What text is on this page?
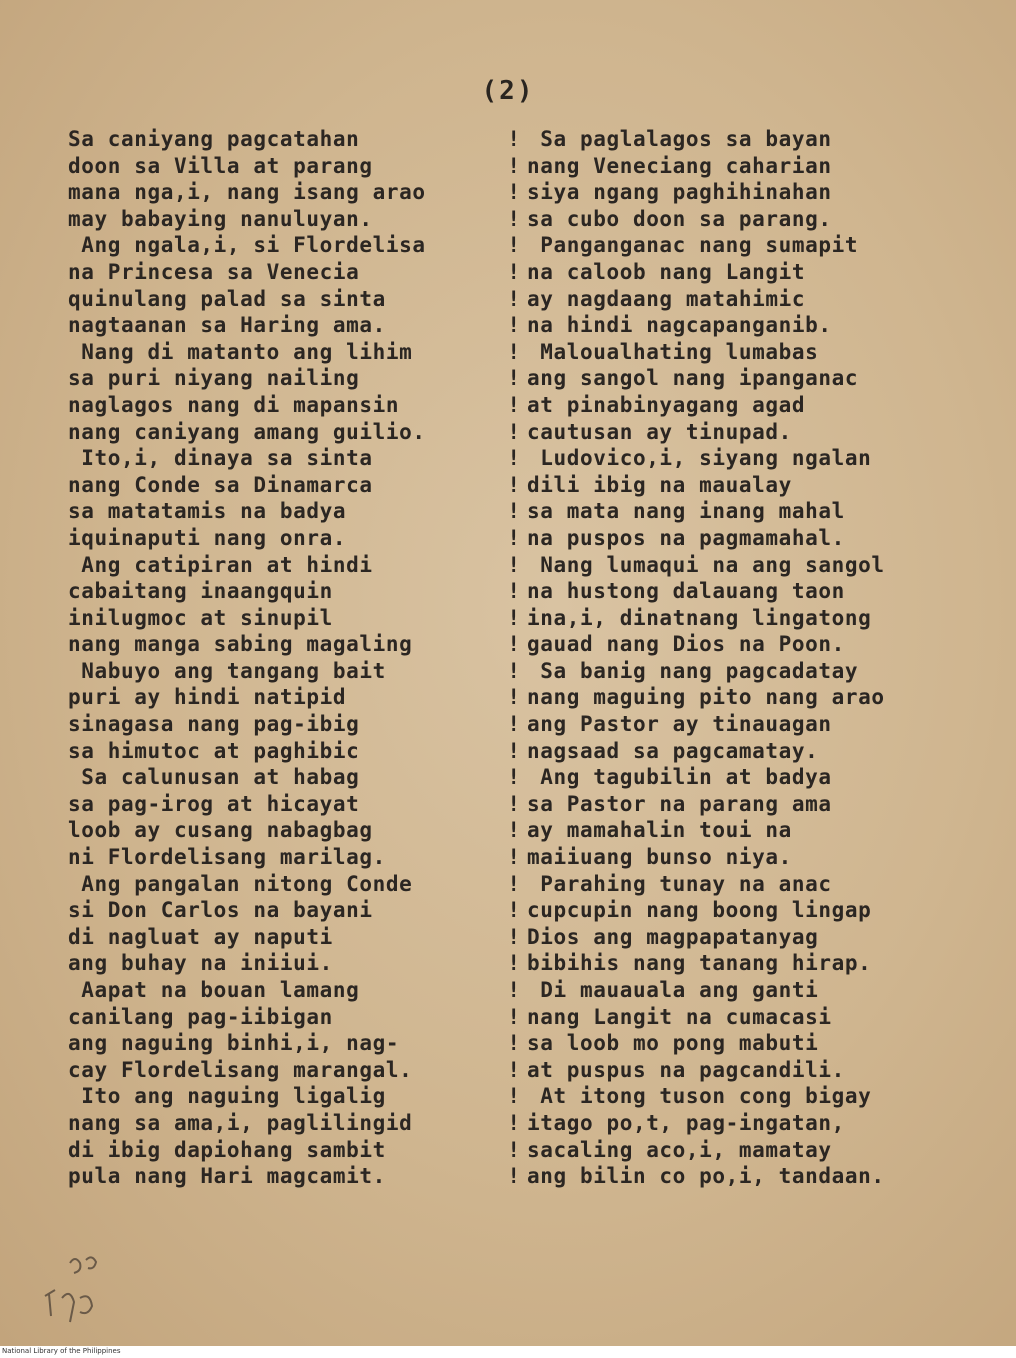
(2)
Sa caniyang pagcatahan
doon sa Villa at parang
mana nga,i, nang isang arao
may babaying nanuluyan.
Ang ngala,i, si Flordelisa
na Princesa sa Venecia
quinulang palad sa sinta
nagtaanan sa Haring ama.
Nang di matanto ang lihim
sa puri niyang nailing
naglagos nang di mapansin
nang caniyang amang guilio.
Ito,i, dinaya sa sinta
nang Conde sa Dinamarca
sa matatamis na badya
iquinaputi nang onra.
Ang catipiran at hindi
cabaitang inaangquin
inilugmoc at sinupil
nang manga sabing magaling
Nabuyo ang tangang bait
puri ay hindi natipid
sinagasa nang pag-ibig
sa himutoc at paghibic
Sa calunusan at habag
sa pag-irog at hicayat
loob ay cusang nabagbag
ni Flordelisang marilag.
Ang pangalan nitong Conde
si Don Carlos na bayani
di nagluat ay naputi
ang buhay na iniiui.
Aapat na bouan lamang
canilang pag-iibigan
ang naguing binhi,i, nag-
cay Flordelisang marangal.
Ito ang naguing ligalig
nang sa ama,i, paglilingid
di ibig dapiohang sambit
pula nang Hari magcamit.
!
!
!
!
!
!
!
!
!
!
!
!
!
!
!
!
!
!
!
!
!
!
!
!
!
!
!
!
!
!
!
!
!
!
!
!
!
!
!
!
Sa paglalagos sa bayan
nang Veneciang caharian
siya ngang paghihinahan
sa cubo doon sa parang.
Panganganac nang sumapit
na caloob nang Langit
ay nagdaang matahimic
na hindi nagcapanganib.
Maloualhating lumabas
ang sangol nang ipanganac
at pinabinyagang agad
cautusan ay tinupad.
Ludovico,i, siyang ngalan
dili ibig na maualay
sa mata nang inang mahal
na puspos na pagmamahal.
Nang lumaqui na ang sangol
na hustong dalauang taon
ina,i, dinatnang lingatong
gauad nang Dios na Poon.
Sa banig nang pagcadatay
nang maguing pito nang arao
ang Pastor ay tinauagan
nagsaad sa pagcamatay.
Ang tagubilin at badya
sa Pastor na parang ama
ay mamahalin toui na
maiiuang bunso niya.
Parahing tunay na anac
cupcupin nang boong lingap
Dios ang magpapatanyag
bibihis nang tanang hirap.
Di mauauala ang ganti
nang Langit na cumacasi
sa loob mo pong mabuti
at puspus na pagcandili.
At itong tuson cong bigay
itago po,t, pag-ingatan,
sacaling aco,i, mamatay
ang bilin co po,i, tandaan.
National Library of the Philippines
